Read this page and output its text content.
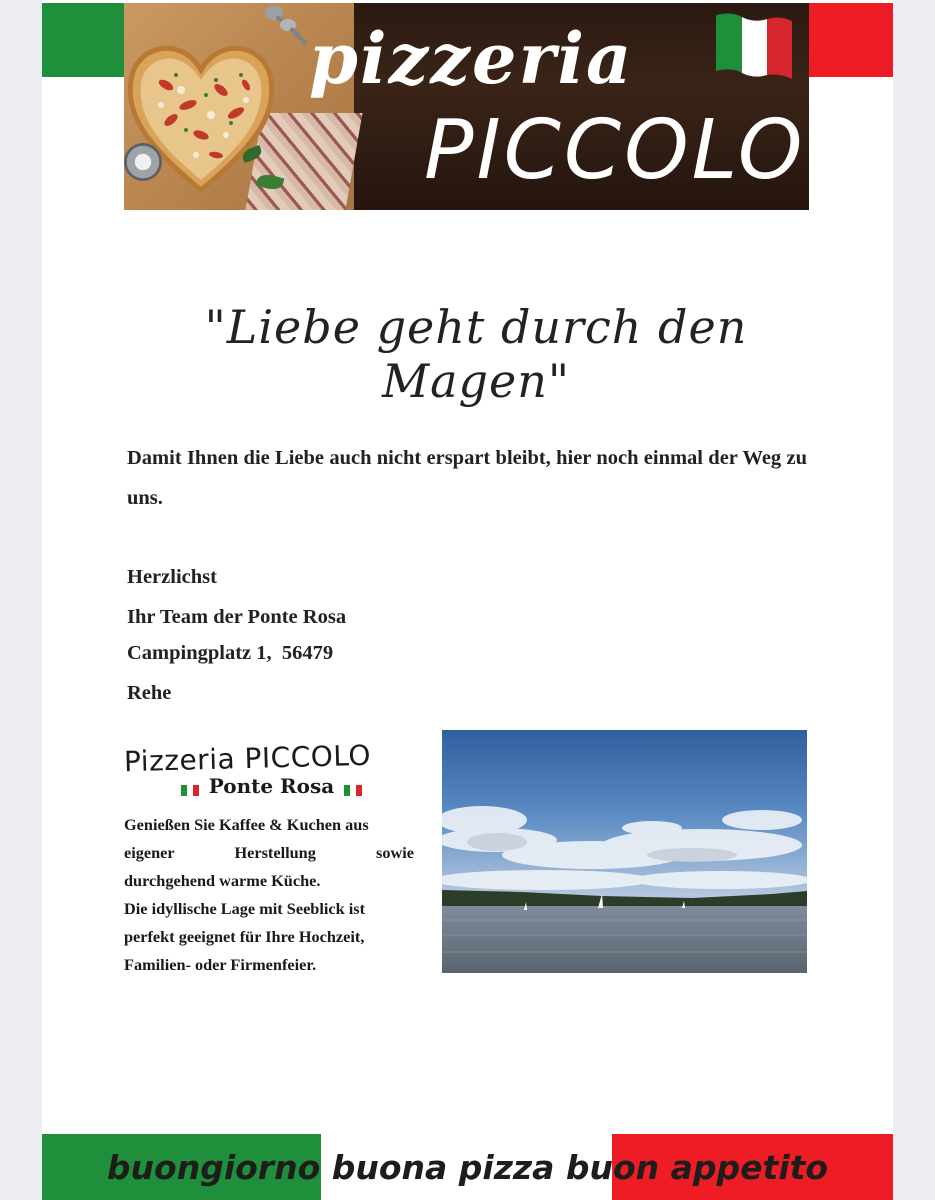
pizzeria
PICCOLO
"Liebe geht durch den Magen"
Damit Ihnen die Liebe auch nicht erspart bleibt, hier noch einmal der Weg zu uns.
Herzlichst
Ihr Team der Ponte Rosa
Campingplatz 1,  56479
Rehe
Pizzeria PICCOLO
Ponte Rosa
Genießen Sie Kaffee & Kuchen aus
eigener Herstellung sowie
durchgehend warme Küche.
Die idyllische Lage mit Seeblick ist
perfekt geeignet für Ihre Hochzeit,
Familien- oder Firmenfeier.
buongiorno buona pizza buon appetito
